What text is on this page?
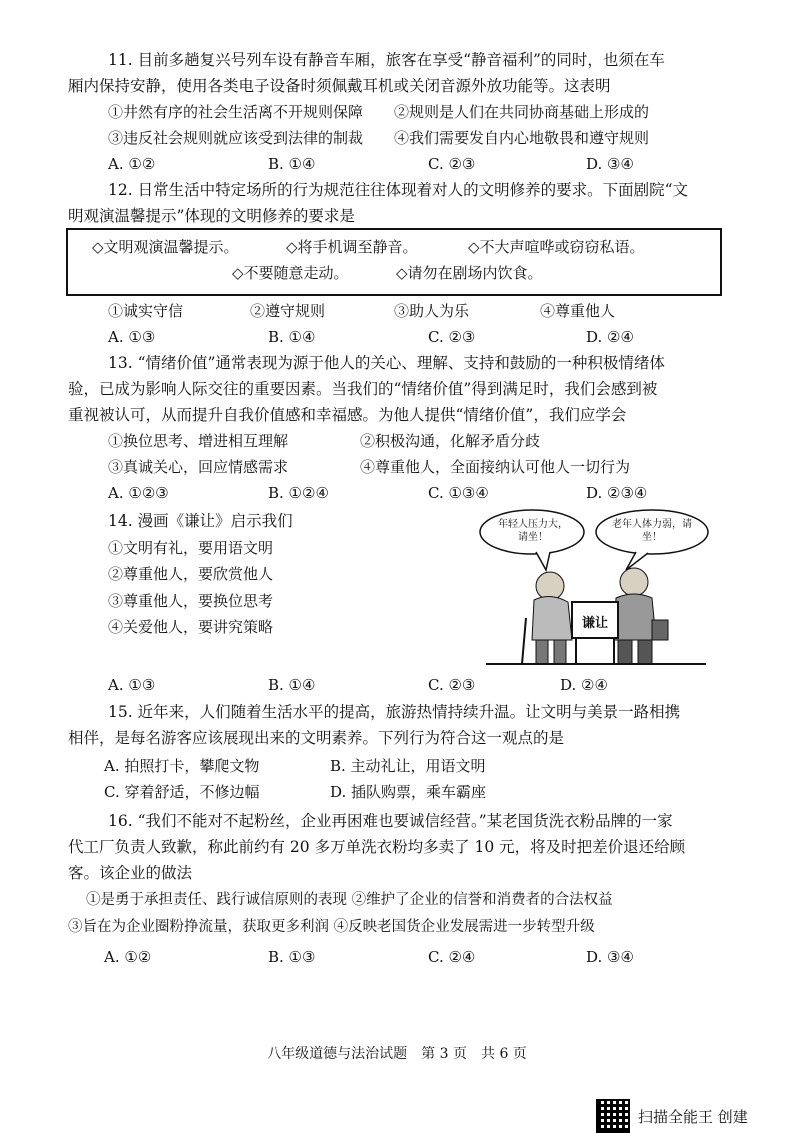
11. 目前多趟复兴号列车设有静音车厢，旅客在享受“静音福利”的同时，也须在车
厢内保持安静，使用各类电子设备时须佩戴耳机或关闭音源外放功能等。这表明
①井然有序的社会生活离不开规则保障 ②规则是人们在共同协商基础上形成的
③违反社会规则就应该受到法律的制裁 ④我们需要发自内心地敬畏和遵守规则
A. ①②	B. ①④	C. ②③	D. ③④
12. 日常生活中特定场所的行为规范往往体现着对人的文明修养的要求。下面剧院“文
明观演温馨提示”体现的文明修养的要求是
◇文明观演温馨提示。	◇将手机调至静音。	◇不大声喧哗或窃窃私语。
◇不要随意走动。	◇请勿在剧场内饮食。
①诚实守信	②遵守规则	③助人为乐	④尊重他人
A. ①③	B. ①④	C. ②③	D. ②④
13. “情绪价值”通常表现为源于他人的关心、理解、支持和鼓励的一种积极情绪体
验，已成为影响人际交往的重要因素。当我们的“情绪价值”得到满足时，我们会感到被
重视被认可，从而提升自我价值感和幸福感。为他人提供“情绪价值”，我们应学会
①换位思考、增进相互理解	②积极沟通，化解矛盾分歧
③真诚关心，回应情感需求	④尊重他人，全面接纳认可他人一切行为
A. ①②③	B. ①②④	C. ①③④	D. ②③④
14. 漫画《谦让》启示我们
①文明有礼，要用语文明
②尊重他人，要欣赏他人
③尊重他人，要换位思考
④关爱他人，要讲究策略
年轻人压力大，请坐！
老年人体力弱，请坐！
谦让
A. ①③	B. ①④	C. ②③	D. ②④
15. 近年来，人们随着生活水平的提高，旅游热情持续升温。让文明与美景一路相携
相伴，是每名游客应该展现出来的文明素养。下列行为符合这一观点的是
A. 拍照打卡，攀爬文物	B. 主动礼让，用语文明
C. 穿着舒适，不修边幅	D. 插队购票，乘车霸座
16. “我们不能对不起粉丝，企业再困难也要诚信经营。”某老国货洗衣粉品牌的一家
代工厂负责人致歉，称此前约有 20 多万单洗衣粉均多卖了 10 元，将及时把差价退还给顾
客。该企业的做法
①是勇于承担责任、践行诚信原则的表现 ②维护了企业的信誉和消费者的合法权益
③旨在为企业圈粉挣流量，获取更多利润 ④反映老国货企业发展需进一步转型升级
A. ①②	B. ①③	C. ②④	D. ③④
八年级道德与法治试题　第 3 页　共 6 页
扫描全能王 创建
